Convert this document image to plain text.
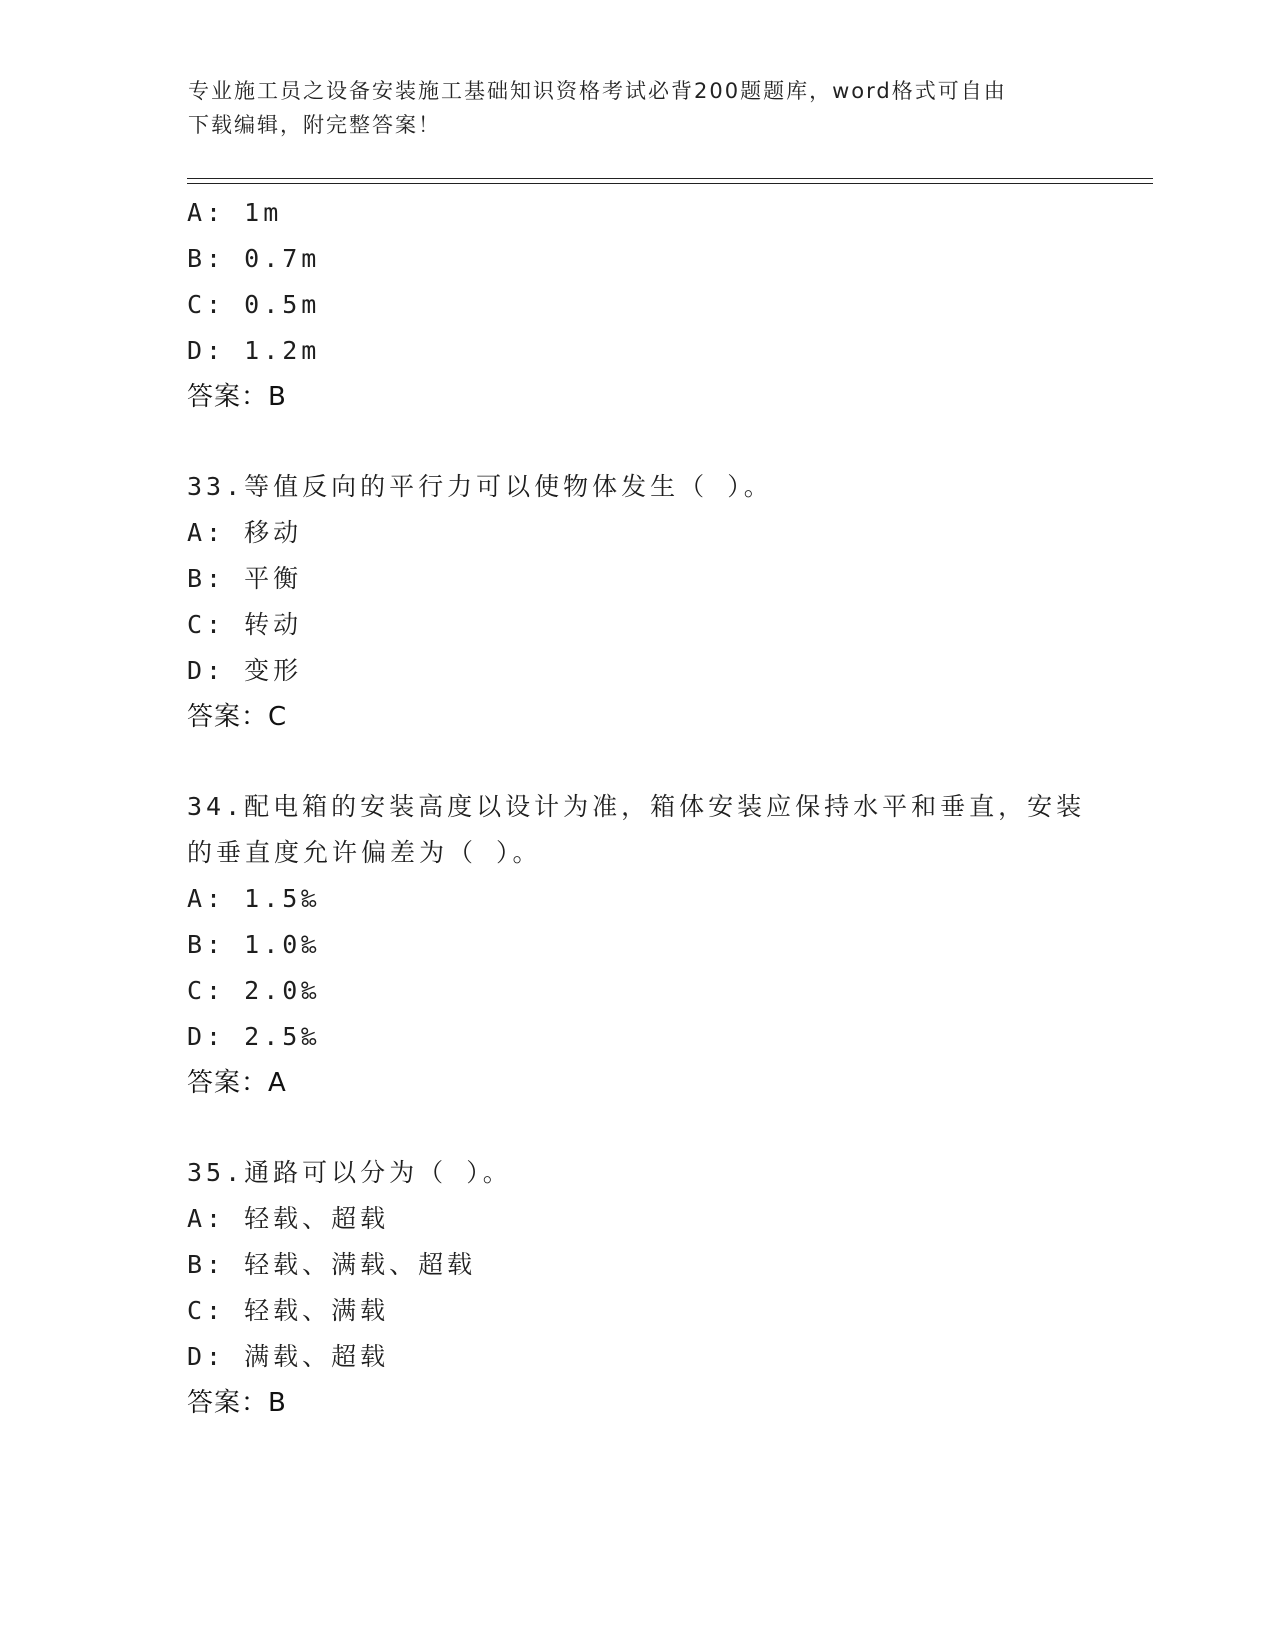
专业施工员之设备安装施工基础知识资格考试必背200题题库，word格式可自由
下载编辑，附完整答案！
A: 1m
B: 0.7m
C: 0.5m
D: 1.2m
答案：B
33.等值反向的平行力可以使物体发生（ ）。
A: 移动
B: 平衡
C: 转动
D: 变形
答案：C
34.配电箱的安装高度以设计为准，箱体安装应保持水平和垂直，安装
的垂直度允许偏差为（ ）。
A: 1.5‰
B: 1.0‰
C: 2.0‰
D: 2.5‰
答案：A
35.通路可以分为（ ）。
A: 轻载、超载
B: 轻载、满载、超载
C: 轻载、满载
D: 满载、超载
答案：B
